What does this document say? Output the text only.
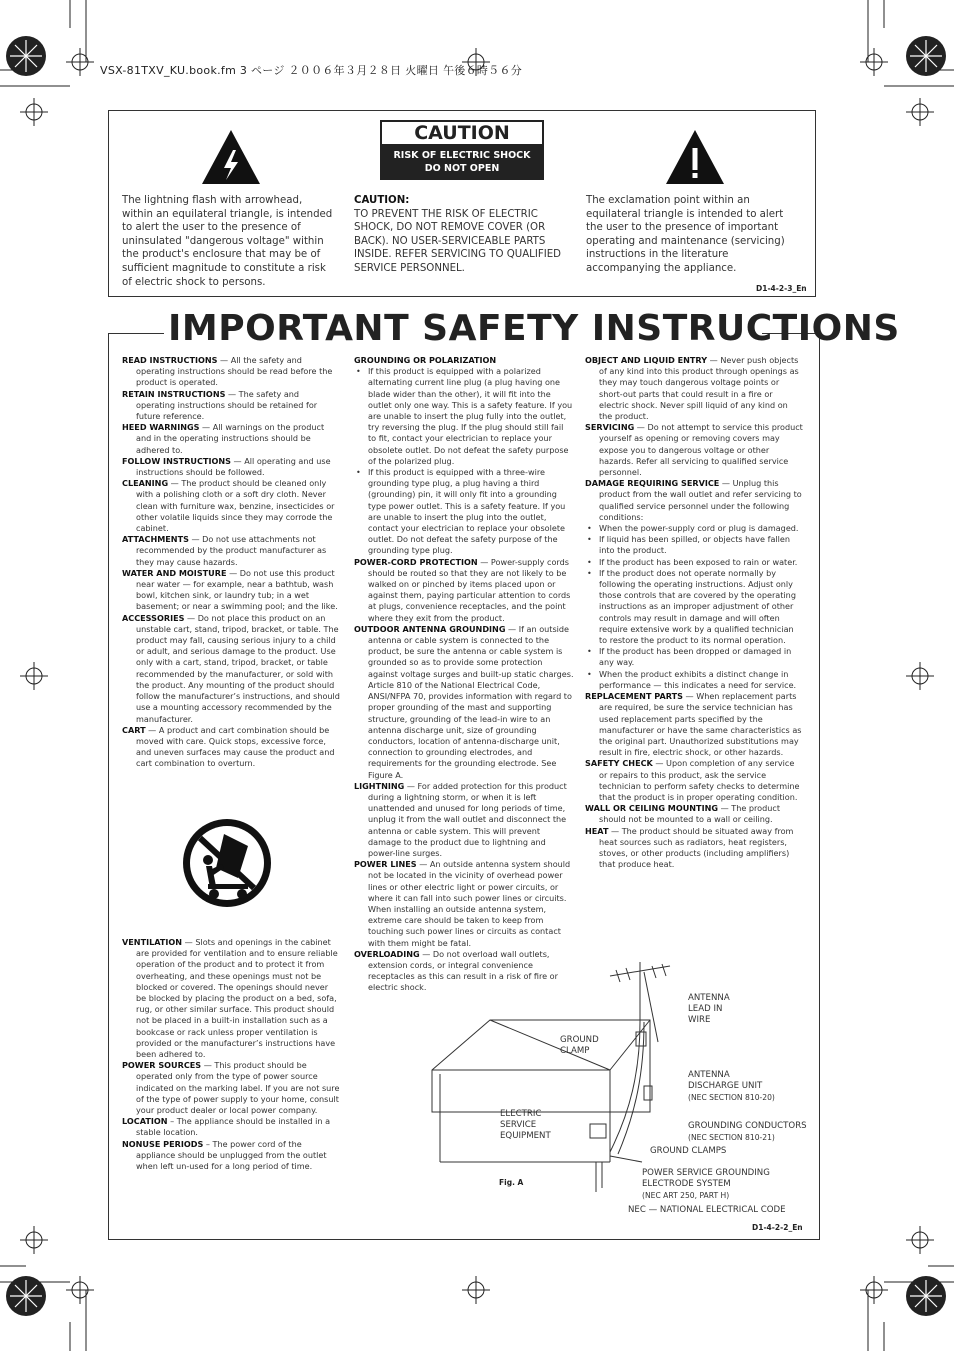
VSX-81TXV_KU.book.fm 3 ページ ２００６年３月２８日 火曜日 午後６時５６分
CAUTION
RISK OF ELECTRIC SHOCK
DO NOT OPEN
The lightning flash with arrowhead, within an equilateral triangle, is intended to alert the user to the presence of uninsulated "dangerous voltage" within the product's enclosure that may be of sufficient magnitude to constitute a risk of electric shock to persons.
CAUTION:
TO PREVENT THE RISK OF ELECTRIC SHOCK, DO NOT REMOVE COVER (OR BACK). NO USER-SERVICEABLE PARTS INSIDE. REFER SERVICING TO QUALIFIED SERVICE PERSONNEL.
The exclamation point within an equilateral triangle is intended to alert the user to the presence of important operating and maintenance (servicing) instructions in the literature accompanying the appliance.
D1-4-2-3_En
IMPORTANT SAFETY INSTRUCTIONS

READ INSTRUCTIONS — All the safety and operating instructions should be read before the product is operated.

RETAIN INSTRUCTIONS — The safety and operating instructions should be retained for future reference.

HEED WARNINGS — All warnings on the product and in the operating instructions should be adhered to.

FOLLOW INSTRUCTIONS — All operating and use instructions should be followed.

CLEANING — The product should be cleaned only with a polishing cloth or a soft dry cloth. Never clean with furniture wax, benzine, insecticides or other volatile liquids since they may corrode the cabinet.

ATTACHMENTS — Do not use attachments not recommended by the product manufacturer as they may cause hazards.

WATER AND MOISTURE — Do not use this product near water — for example, near a bathtub, wash bowl, kitchen sink, or laundry tub; in a wet basement; or near a swimming pool; and the like.

ACCESSORIES — Do not place this product on an unstable cart, stand, tripod, bracket, or table. The product may fall, causing serious injury to a child or adult, and serious damage to the product. Use only with a cart, stand, tripod, bracket, or table recommended by the manufacturer, or sold with the product. Any mounting of the product should follow the manufacturer’s instructions, and should use a mounting accessory recommended by the manufacturer.

CART — A product and cart combination should be moved with care. Quick stops, excessive force, and uneven surfaces may cause the product and cart combination to overturn.

VENTILATION — Slots and openings in the cabinet are provided for ventilation and to ensure reliable operation of the product and to protect it from overheating, and these openings must not be blocked or covered. The openings should never be blocked by placing the product on a bed, sofa, rug, or other similar surface. This product should not be placed in a built-in installation such as a bookcase or rack unless proper ventilation is provided or the manufacturer’s instructions have been adhered to.

POWER SOURCES — This product should be operated only from the type of power source indicated on the marking label. If you are not sure of the type of power supply to your home, consult your product dealer or local power company.

LOCATION – The appliance should be installed in a stable location.

NONUSE PERIODS – The power cord of the appliance should be unplugged from the outlet when left un-used for a long period of time.

GROUNDING OR POLARIZATION

• If this product is equipped with a polarized alternating current line plug (a plug having one blade wider than the other), it will fit into the outlet only one way. This is a safety feature. If you are unable to insert the plug fully into the outlet, try reversing the plug. If the plug should still fail to fit, contact your electrician to replace your obsolete outlet. Do not defeat the safety purpose of the polarized plug.
• If this product is equipped with a three-wire grounding type plug, a plug having a third (grounding) pin, it will only fit into a grounding type power outlet. This is a safety feature. If you are unable to insert the plug into the outlet, contact your electrician to replace your obsolete outlet. Do not defeat the safety purpose of the grounding type plug.

POWER-CORD PROTECTION — Power-supply cords should be routed so that they are not likely to be walked on or pinched by items placed upon or against them, paying particular attention to cords at plugs, convenience receptacles, and the point where they exit from the product.

OUTDOOR ANTENNA GROUNDING — If an outside antenna or cable system is connected to the product, be sure the antenna or cable system is grounded so as to provide some protection against voltage surges and built-up static charges. Article 810 of the National Electrical Code, ANSI/NFPA 70, provides information with regard to proper grounding of the mast and supporting structure, grounding of the lead-in wire to an antenna discharge unit, size of grounding conductors, location of antenna-discharge unit, connection to grounding electrodes, and requirements for the grounding electrode. See Figure A.

LIGHTNING — For added protection for this product during a lightning storm, or when it is left unattended and unused for long periods of time, unplug it from the wall outlet and disconnect the antenna or cable system. This will prevent damage to the product due to lightning and power-line surges.

POWER LINES — An outside antenna system should not be located in the vicinity of overhead power lines or other electric light or power circuits, or where it can fall into such power lines or circuits. When installing an outside antenna system, extreme care should be taken to keep from touching such power lines or circuits as contact with them might be fatal.

OVERLOADING — Do not overload wall outlets, extension cords, or integral convenience receptacles as this can result in a risk of fire or electric shock.

OBJECT AND LIQUID ENTRY — Never push objects of any kind into this product through openings as they may touch dangerous voltage points or short-out parts that could result in a fire or electric shock. Never spill liquid of any kind on the product.

SERVICING — Do not attempt to service this product yourself as opening or removing covers may expose you to dangerous voltage or other hazards. Refer all servicing to qualified service personnel.

DAMAGE REQUIRING SERVICE — Unplug this product from the wall outlet and refer servicing to qualified service personnel under the following conditions:

• When the power-supply cord or plug is damaged.
• If liquid has been spilled, or objects have fallen into the product.
• If the product has been exposed to rain or water.
• If the product does not operate normally by following the operating instructions. Adjust only those controls that are covered by the operating instructions as an improper adjustment of other controls may result in damage and will often require extensive work by a qualified technician to restore the product to its normal operation.
• If the product has been dropped or damaged in any way.
• When the product exhibits a distinct change in performance — this indicates a need for service.

REPLACEMENT PARTS — When replacement parts are required, be sure the service technician has used replacement parts specified by the manufacturer or have the same characteristics as the original part. Unauthorized substitutions may result in fire, electric shock, or other hazards.

SAFETY CHECK — Upon completion of any service or repairs to this product, ask the service technician to perform safety checks to determine that the product is in proper operating condition.

WALL OR CEILING MOUNTING — The product should not be mounted to a wall or ceiling.

HEAT — The product should be situated away from heat sources such as radiators, heat registers, stoves, or other products (including amplifiers) that produce heat.

ANTENNA
LEAD IN
WIRE
GROUND
CLAMP
ANTENNA
DISCHARGE UNIT
(NEC SECTION 810-20)
ELECTRIC
SERVICE
EQUIPMENT
GROUNDING CONDUCTORS
(NEC SECTION 810-21)
GROUND CLAMPS
POWER SERVICE GROUNDING
ELECTRODE SYSTEM
(NEC ART 250, PART H)
NEC — NATIONAL ELECTRICAL CODE
Fig. A
D1-4-2-2_En
